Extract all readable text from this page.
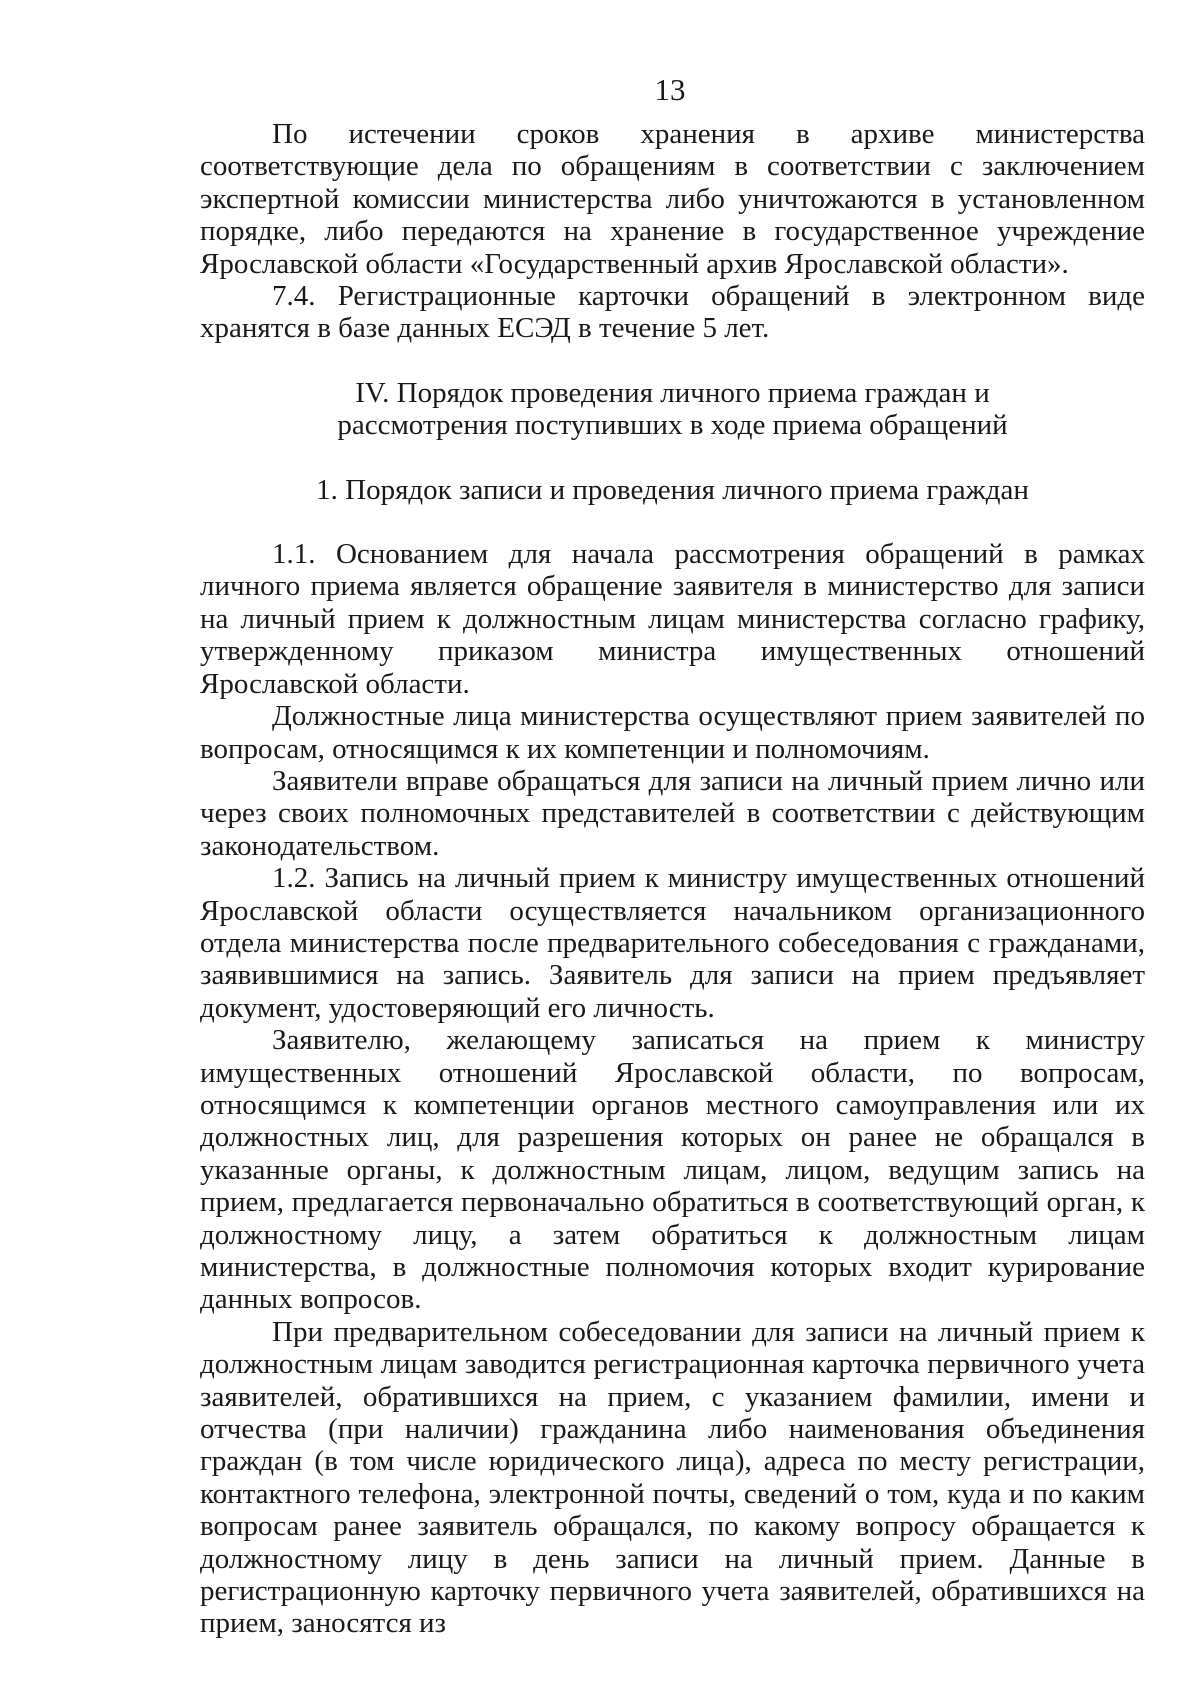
13

По истечении сроков хранения в архиве министерства соответствующие дела по обращениям в соответствии с заключением экспертной комиссии министерства либо уничтожаются в установленном порядке, либо передаются на хранение в государственное учреждение Ярославской области «Государственный архив Ярославской области».

7.4. Регистрационные карточки обращений в электронном виде хранятся в базе данных ЕСЭД в течение 5 лет.

IV. Порядок проведения личного приема граждан и
рассмотрения поступивших в ходе приема обращений

1. Порядок записи и проведения личного приема граждан

1.1. Основанием для начала рассмотрения обращений в рамках личного приема является обращение заявителя в министерство для записи на личный прием к должностным лицам министерства согласно графику, утвержденному приказом министра имущественных отношений Ярославской области.

Должностные лица министерства осуществляют прием заявителей по вопросам, относящимся к их компетенции и полномочиям.

Заявители вправе обращаться для записи на личный прием лично или через своих полномочных представителей в соответствии с действующим законодательством.

1.2. Запись на личный прием к министру имущественных отношений Ярославской области осуществляется начальником организационного отдела министерства после предварительного собеседования с гражданами, заявившимися на запись. Заявитель для записи на прием предъявляет документ, удостоверяющий его личность.

Заявителю, желающему записаться на прием к министру имущественных отношений Ярославской области, по вопросам, относящимся к компетенции органов местного самоуправления или их должностных лиц, для разрешения которых он ранее не обращался в указанные органы, к должностным лицам, лицом, ведущим запись на прием, предлагается первоначально обратиться в соответствующий орган, к должностному лицу, а затем обратиться к должностным лицам министерства, в должностные полномочия которых входит курирование данных вопросов.

При предварительном собеседовании для записи на личный прием к должностным лицам заводится регистрационная карточка первичного учета заявителей, обратившихся на прием, с указанием фамилии, имени и отчества (при наличии) гражданина либо наименования объединения граждан (в том числе юридического лица), адреса по месту регистрации, контактного телефона, электронной почты, сведений о том, куда и по каким вопросам ранее заявитель обращался, по какому вопросу обращается к должностному лицу в день записи на личный прием. Данные в регистрационную карточку первичного учета заявителей, обратившихся на прием, заносятся из
